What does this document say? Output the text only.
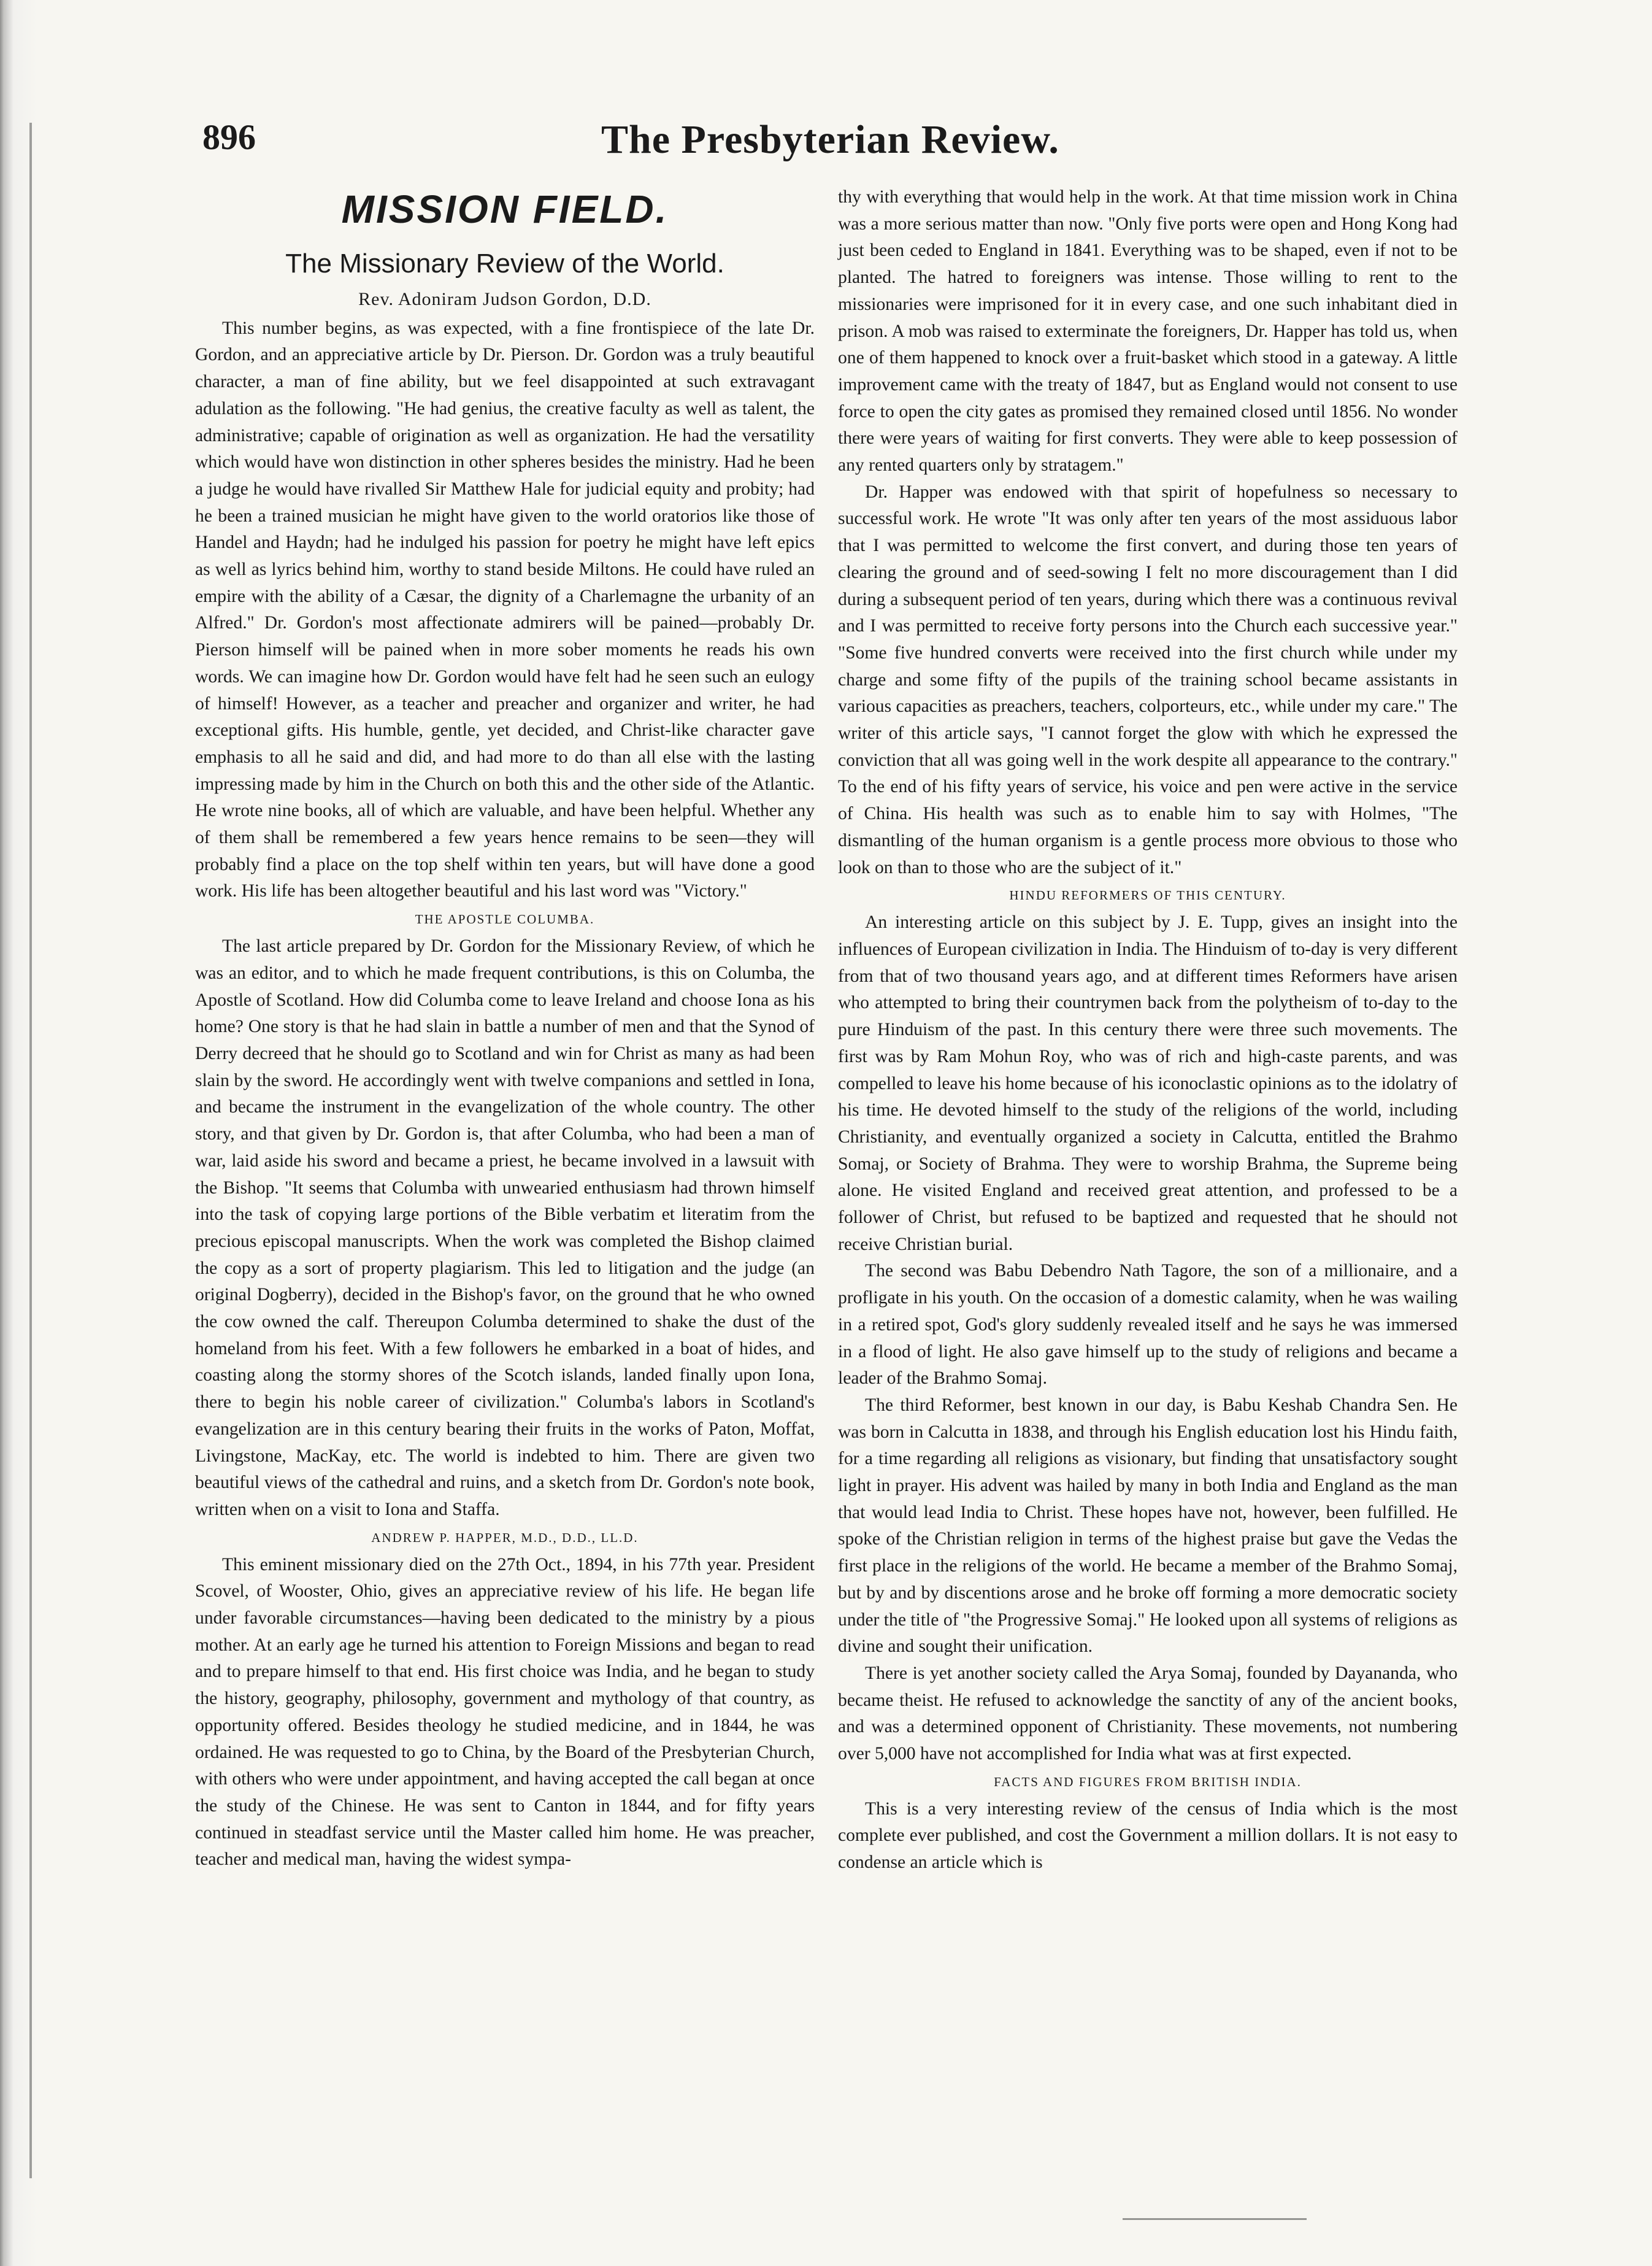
896	The Presbyterian Review.
MISSION FIELD.
The Missionary Review of the World.
Rev. Adoniram Judson Gordon, D.D.

This number begins, as was expected, with a fine frontispiece of the late Dr. Gordon, and an appreciative article by Dr. Pierson. Dr. Gordon was a truly beautiful character, a man of fine ability, but we feel disappointed at such extravagant adulation as the following. "He had genius, the creative faculty as well as talent, the administrative; capable of origination as well as organization. He had the versatility which would have won distinction in other spheres besides the ministry. Had he been a judge he would have rivalled Sir Matthew Hale for judicial equity and probity; had he been a trained musician he might have given to the world oratorios like those of Handel and Haydn; had he indulged his passion for poetry he might have left epics as well as lyrics behind him, worthy to stand beside Miltons. He could have ruled an empire with the ability of a Cæsar, the dignity of a Charlemagne the urbanity of an Alfred." Dr. Gordon's most affectionate admirers will be pained—probably Dr. Pierson himself will be pained when in more sober moments he reads his own words. We can imagine how Dr. Gordon would have felt had he seen such an eulogy of himself! However, as a teacher and preacher and organizer and writer, he had exceptional gifts. His humble, gentle, yet decided, and Christ-like character gave emphasis to all he said and did, and had more to do than all else with the lasting impressing made by him in the Church on both this and the other side of the Atlantic. He wrote nine books, all of which are valuable, and have been helpful. Whether any of them shall be remembered a few years hence remains to be seen—they will probably find a place on the top shelf within ten years, but will have done a good work. His life has been altogether beautiful and his last word was "Victory."

THE APOSTLE COLUMBA.

The last article prepared by Dr. Gordon for the Missionary Review, of which he was an editor, and to which he made frequent contributions, is this on Columba, the Apostle of Scotland. How did Columba come to leave Ireland and choose Iona as his home? One story is that he had slain in battle a number of men and that the Synod of Derry decreed that he should go to Scotland and win for Christ as many as had been slain by the sword. He accordingly went with twelve companions and settled in Iona, and became the instrument in the evangelization of the whole country. The other story, and that given by Dr. Gordon is, that after Columba, who had been a man of war, laid aside his sword and became a priest, he became involved in a lawsuit with the Bishop. "It seems that Columba with unwearied enthusiasm had thrown himself into the task of copying large portions of the Bible verbatim et literatim from the precious episcopal manuscripts. When the work was completed the Bishop claimed the copy as a sort of property plagiarism. This led to litigation and the judge (an original Dogberry), decided in the Bishop's favor, on the ground that he who owned the cow owned the calf. Thereupon Columba determined to shake the dust of the homeland from his feet. With a few followers he embarked in a boat of hides, and coasting along the stormy shores of the Scotch islands, landed finally upon Iona, there to begin his noble career of civilization." Columba's labors in Scotland's evangelization are in this century bearing their fruits in the works of Paton, Moffat, Livingstone, MacKay, etc. The world is indebted to him. There are given two beautiful views of the cathedral and ruins, and a sketch from Dr. Gordon's note book, written when on a visit to Iona and Staffa.

ANDREW P. HAPPER, M.D., D.D., LL.D.

This eminent missionary died on the 27th Oct., 1894, in his 77th year. President Scovel, of Wooster, Ohio, gives an appreciative review of his life. He began life under favorable circumstances—having been dedicated to the ministry by a pious mother. At an early age he turned his attention to Foreign Missions and began to read and to prepare himself to that end. His first choice was India, and he began to study the history, geography, philosophy, government and mythology of that country, as opportunity offered. Besides theology he studied medicine, and in 1844, he was ordained. He was requested to go to China, by the Board of the Presbyterian Church, with others who were under appointment, and having accepted the call began at once the study of the Chinese. He was sent to Canton in 1844, and for fifty years continued in steadfast service until the Master called him home. He was preacher, teacher and medical man, having the widest sympa-

thy with everything that would help in the work. At that time mission work in China was a more serious matter than now. "Only five ports were open and Hong Kong had just been ceded to England in 1841. Everything was to be shaped, even if not to be planted. The hatred to foreigners was intense. Those willing to rent to the missionaries were imprisoned for it in every case, and one such inhabitant died in prison. A mob was raised to exterminate the foreigners, Dr. Happer has told us, when one of them happened to knock over a fruit-basket which stood in a gateway. A little improvement came with the treaty of 1847, but as England would not consent to use force to open the city gates as promised they remained closed until 1856. No wonder there were years of waiting for first converts. They were able to keep possession of any rented quarters only by stratagem."

Dr. Happer was endowed with that spirit of hopefulness so necessary to successful work. He wrote "It was only after ten years of the most assiduous labor that I was permitted to welcome the first convert, and during those ten years of clearing the ground and of seed-sowing I felt no more discouragement than I did during a subsequent period of ten years, during which there was a continuous revival and I was permitted to receive forty persons into the Church each successive year." "Some five hundred converts were received into the first church while under my charge and some fifty of the pupils of the training school became assistants in various capacities as preachers, teachers, colporteurs, etc., while under my care." The writer of this article says, "I cannot forget the glow with which he expressed the conviction that all was going well in the work despite all appearance to the contrary." To the end of his fifty years of service, his voice and pen were active in the service of China. His health was such as to enable him to say with Holmes, "The dismantling of the human organism is a gentle process more obvious to those who look on than to those who are the subject of it."

HINDU REFORMERS OF THIS CENTURY.

An interesting article on this subject by J. E. Tupp, gives an insight into the influences of European civilization in India. The Hinduism of to-day is very different from that of two thousand years ago, and at different times Reformers have arisen who attempted to bring their countrymen back from the polytheism of to-day to the pure Hinduism of the past. In this century there were three such movements. The first was by Ram Mohun Roy, who was of rich and high-caste parents, and was compelled to leave his home because of his iconoclastic opinions as to the idolatry of his time. He devoted himself to the study of the religions of the world, including Christianity, and eventually organized a society in Calcutta, entitled the Brahmo Somaj, or Society of Brahma. They were to worship Brahma, the Supreme being alone. He visited England and received great attention, and professed to be a follower of Christ, but refused to be baptized and requested that he should not receive Christian burial.

The second was Babu Debendro Nath Tagore, the son of a millionaire, and a profligate in his youth. On the occasion of a domestic calamity, when he was wailing in a retired spot, God's glory suddenly revealed itself and he says he was immersed in a flood of light. He also gave himself up to the study of religions and became a leader of the Brahmo Somaj.

The third Reformer, best known in our day, is Babu Keshab Chandra Sen. He was born in Calcutta in 1838, and through his English education lost his Hindu faith, for a time regarding all religions as visionary, but finding that unsatisfactory sought light in prayer. His advent was hailed by many in both India and England as the man that would lead India to Christ. These hopes have not, however, been fulfilled. He spoke of the Christian religion in terms of the highest praise but gave the Vedas the first place in the religions of the world. He became a member of the Brahmo Somaj, but by and by discentions arose and he broke off forming a more democratic society under the title of "the Progressive Somaj." He looked upon all systems of religions as divine and sought their unification.

There is yet another society called the Arya Somaj, founded by Dayananda, who became theist. He refused to acknowledge the sanctity of any of the ancient books, and was a determined opponent of Christianity. These movements, not numbering over 5,000 have not accomplished for India what was at first expected.

FACTS AND FIGURES FROM BRITISH INDIA.

This is a very interesting review of the census of India which is the most complete ever published, and cost the Government a million dollars. It is not easy to condense an article which is
